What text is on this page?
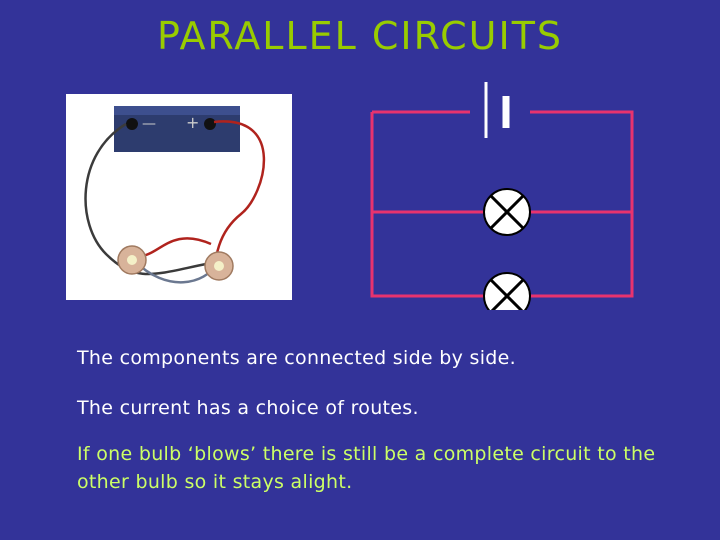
PARALLEL CIRCUITS
— +
The components are connected side by side.
The current has a choice of routes.
If one bulb ‘blows’ there is still be a complete circuit to the other bulb so it stays alight.
